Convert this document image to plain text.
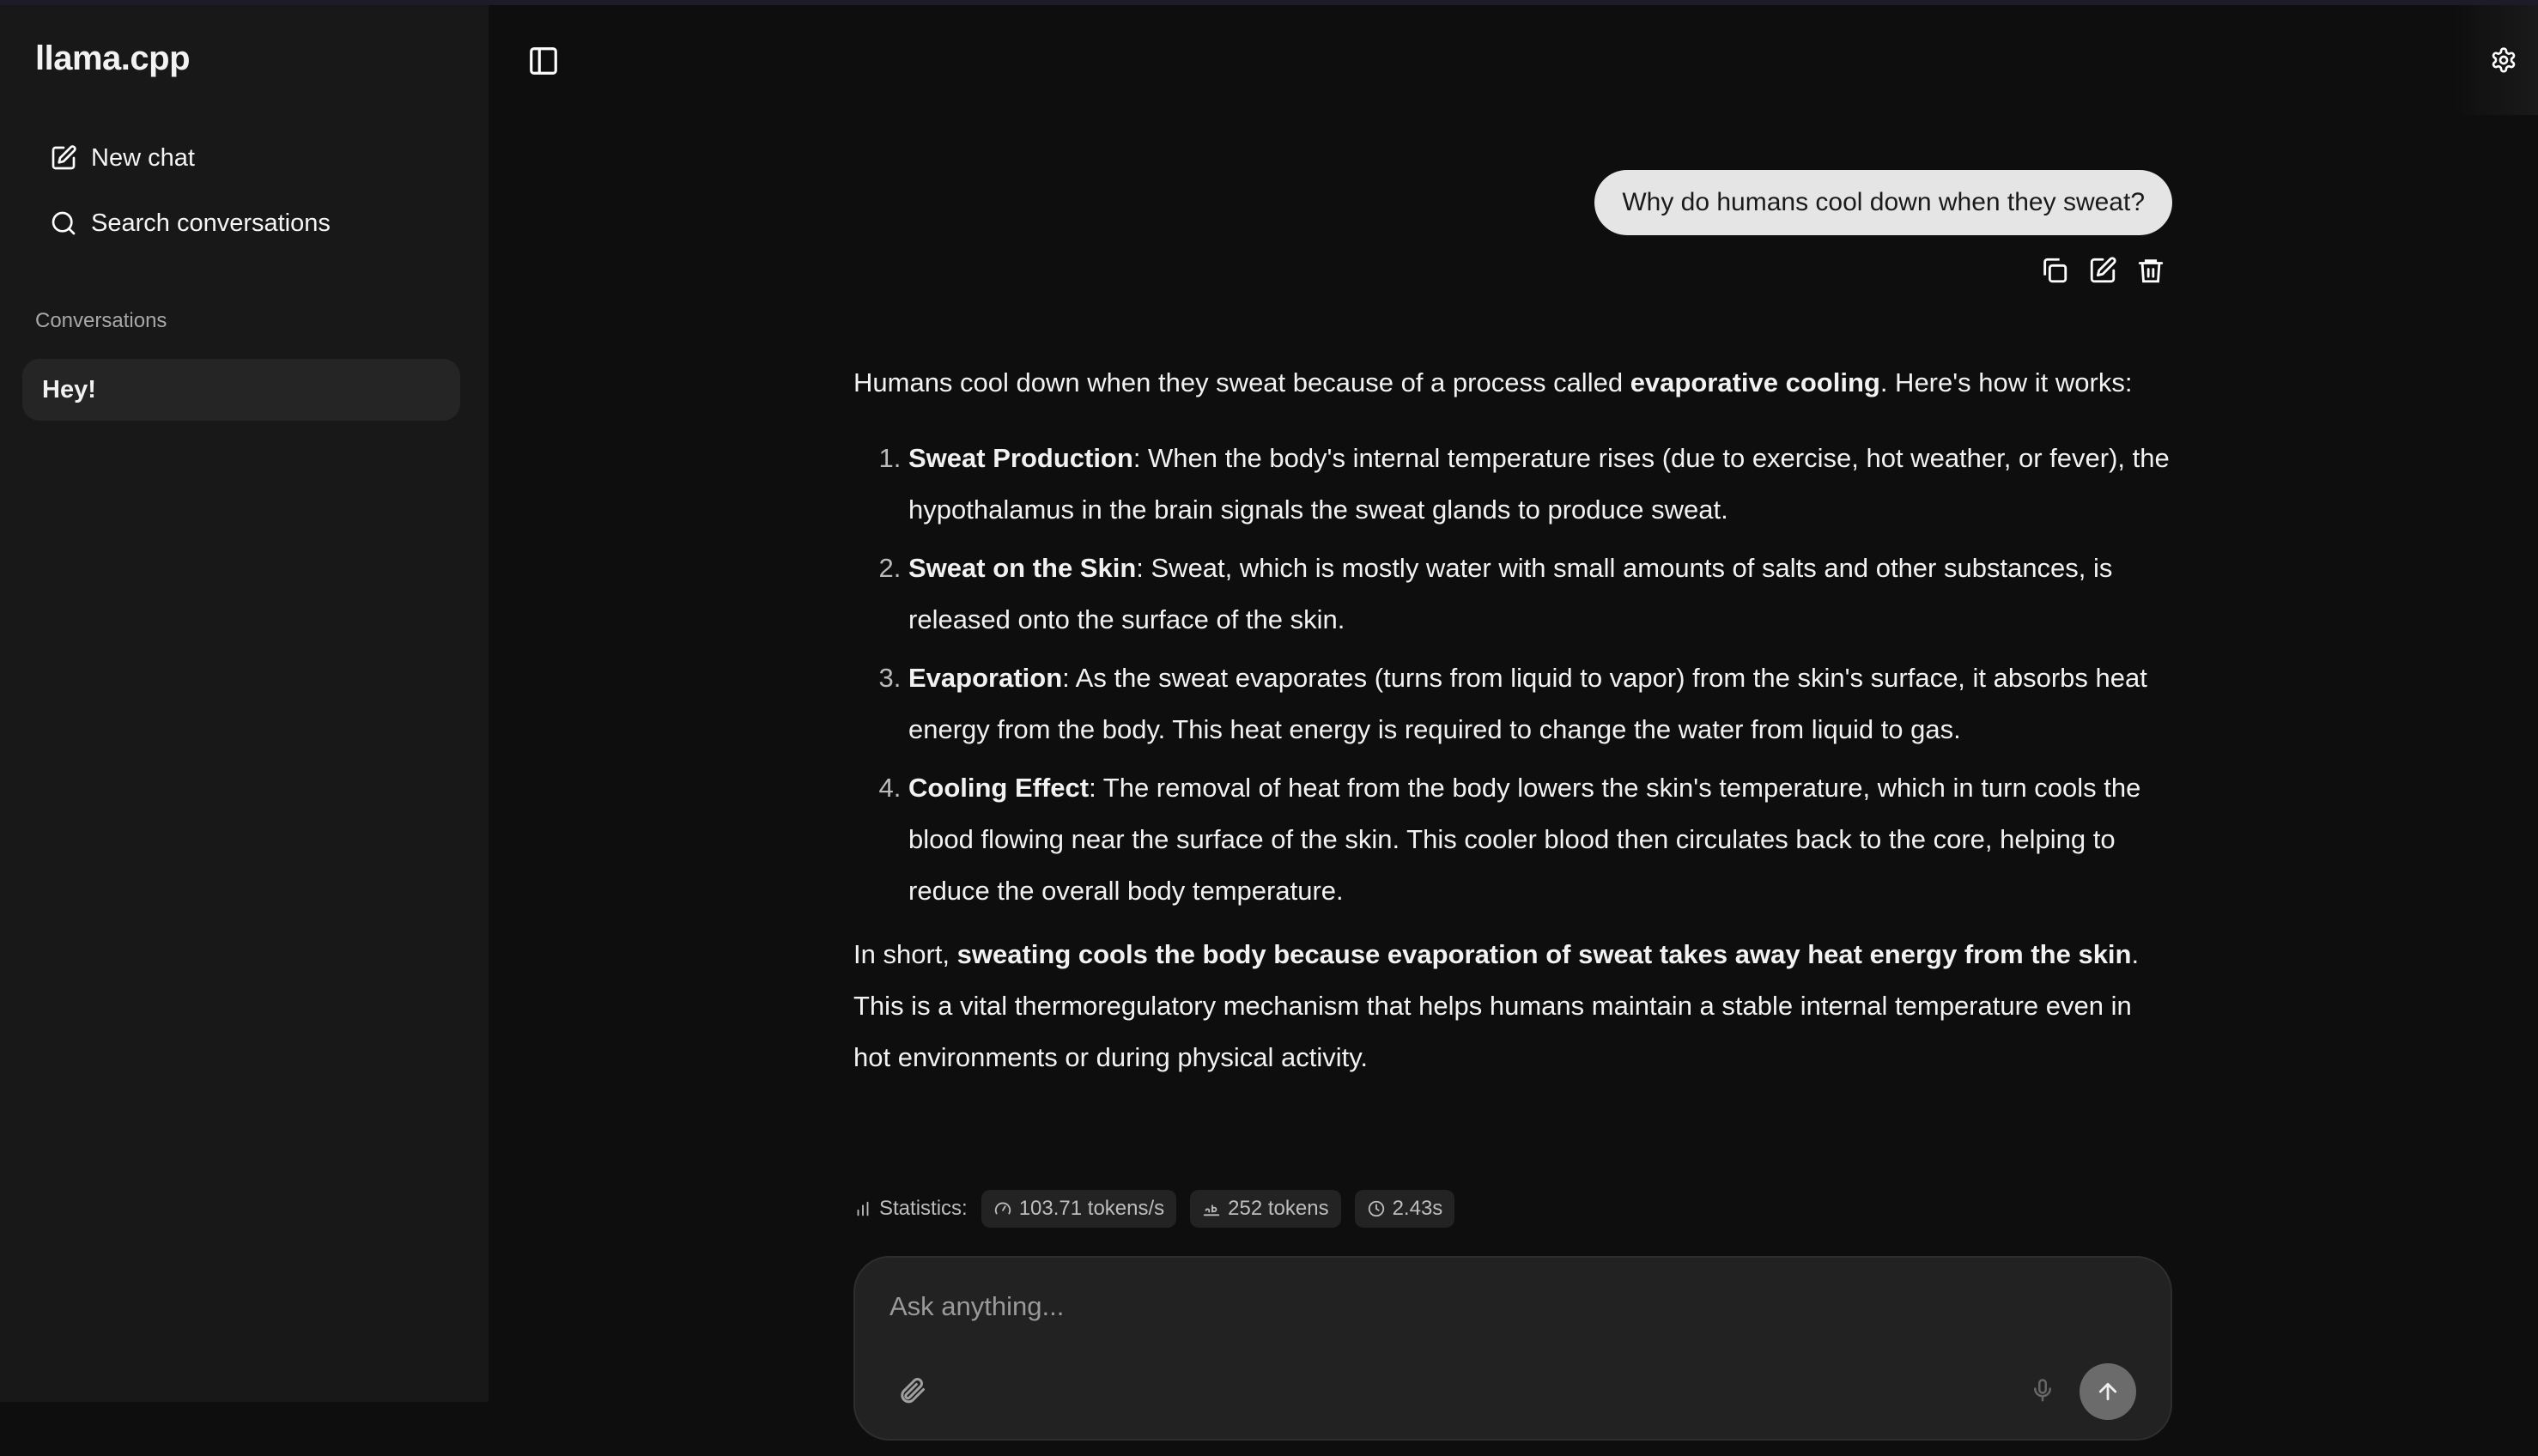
llama.cpp
New chat
Search conversations
Conversations
Hey!
Why do humans cool down when they sweat?

Humans cool down when they sweat because of a process called evaporative cooling. Here's how it works:

1. Sweat Production: When the body's internal temperature rises (due to exercise, hot weather, or fever), the hypothalamus in the brain signals the sweat glands to produce sweat.
2. Sweat on the Skin: Sweat, which is mostly water with small amounts of salts and other substances, is released onto the surface of the skin.
3. Evaporation: As the sweat evaporates (turns from liquid to vapor) from the skin's surface, it absorbs heat energy from the body. This heat energy is required to change the water from liquid to gas.
4. Cooling Effect: The removal of heat from the body lowers the skin's temperature, which in turn cools the blood flowing near the surface of the skin. This cooler blood then circulates back to the core, helping to reduce the overall body temperature.

In short, sweating cools the body because evaporation of sweat takes away heat energy from the skin. This is a vital thermoregulatory mechanism that helps humans maintain a stable internal temperature even in hot environments or during physical activity.

Statistics:	103.71 tokens/s	252 tokens	2.43s
Ask anything...
